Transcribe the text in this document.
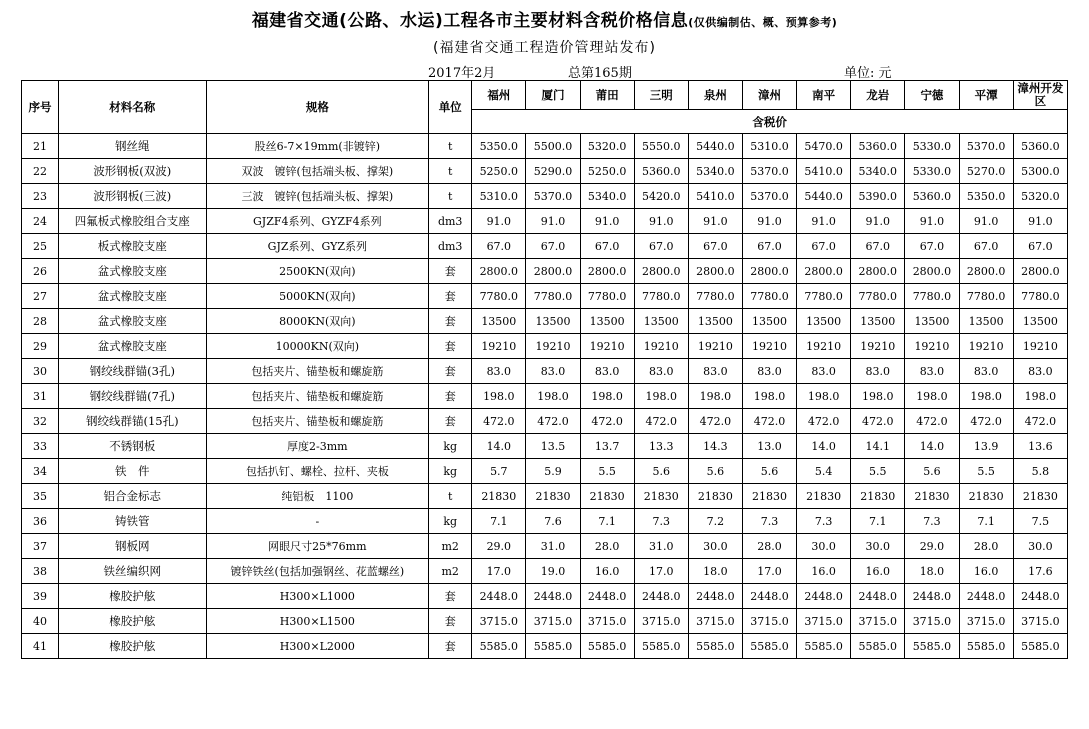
福建省交通(公路、水运)工程各市主要材料含税价格信息(仅供编制估、概、预算参考)
(福建省交通工程造价管理站发布)
2017年2月	总第165期	单位: 元
序号	材料名称	规格	单位	福州	厦门	莆田	三明	泉州	漳州	南平	龙岩	宁德	平潭	漳州开发区
				含税价										
21	钢丝绳	股丝6-7×19mm(非镀锌)	t	5350.0	5500.0	5320.0	5550.0	5440.0	5310.0	5470.0	5360.0	5330.0	5370.0	5360.0
22	波形钢板(双波)	双波　镀锌(包括端头板、撑架)	t	5250.0	5290.0	5250.0	5360.0	5340.0	5370.0	5410.0	5340.0	5330.0	5270.0	5300.0
23	波形钢板(三波)	三波　镀锌(包括端头板、撑架)	t	5310.0	5370.0	5340.0	5420.0	5410.0	5370.0	5440.0	5390.0	5360.0	5350.0	5320.0
24	四氟板式橡胶组合支座	GJZF4系列、GYZF4系列	dm3	91.0	91.0	91.0	91.0	91.0	91.0	91.0	91.0	91.0	91.0	91.0
25	板式橡胶支座	GJZ系列、GYZ系列	dm3	67.0	67.0	67.0	67.0	67.0	67.0	67.0	67.0	67.0	67.0	67.0
26	盆式橡胶支座	2500KN(双向)	套	2800.0	2800.0	2800.0	2800.0	2800.0	2800.0	2800.0	2800.0	2800.0	2800.0	2800.0
27	盆式橡胶支座	5000KN(双向)	套	7780.0	7780.0	7780.0	7780.0	7780.0	7780.0	7780.0	7780.0	7780.0	7780.0	7780.0
28	盆式橡胶支座	8000KN(双向)	套	13500	13500	13500	13500	13500	13500	13500	13500	13500	13500	13500
29	盆式橡胶支座	10000KN(双向)	套	19210	19210	19210	19210	19210	19210	19210	19210	19210	19210	19210
30	钢绞线群锚(3孔)	包括夹片、锚垫板和螺旋筋	套	83.0	83.0	83.0	83.0	83.0	83.0	83.0	83.0	83.0	83.0	83.0
31	钢绞线群锚(7孔)	包括夹片、锚垫板和螺旋筋	套	198.0	198.0	198.0	198.0	198.0	198.0	198.0	198.0	198.0	198.0	198.0
32	钢绞线群锚(15孔)	包括夹片、锚垫板和螺旋筋	套	472.0	472.0	472.0	472.0	472.0	472.0	472.0	472.0	472.0	472.0	472.0
33	不锈钢板	厚度2-3mm	kg	14.0	13.5	13.7	13.3	14.3	13.0	14.0	14.1	14.0	13.9	13.6
34	铁　件	包括扒钉、螺栓、拉杆、夹板	kg	5.7	5.9	5.5	5.6	5.6	5.6	5.4	5.5	5.6	5.5	5.8
35	铝合金标志	纯铝板　1100	t	21830	21830	21830	21830	21830	21830	21830	21830	21830	21830	21830
36	铸铁管	-	kg	7.1	7.6	7.1	7.3	7.2	7.3	7.3	7.1	7.3	7.1	7.5
37	钢板网	网眼尺寸25*76mm	m2	29.0	31.0	28.0	31.0	30.0	28.0	30.0	30.0	29.0	28.0	30.0
38	铁丝编织网	镀锌铁丝(包括加强钢丝、花蓝螺丝)	m2	17.0	19.0	16.0	17.0	18.0	17.0	16.0	16.0	18.0	16.0	17.6
39	橡胶护舷	H300×L1000	套	2448.0	2448.0	2448.0	2448.0	2448.0	2448.0	2448.0	2448.0	2448.0	2448.0	2448.0
40	橡胶护舷	H300×L1500	套	3715.0	3715.0	3715.0	3715.0	3715.0	3715.0	3715.0	3715.0	3715.0	3715.0	3715.0
41	橡胶护舷	H300×L2000	套	5585.0	5585.0	5585.0	5585.0	5585.0	5585.0	5585.0	5585.0	5585.0	5585.0	5585.0
